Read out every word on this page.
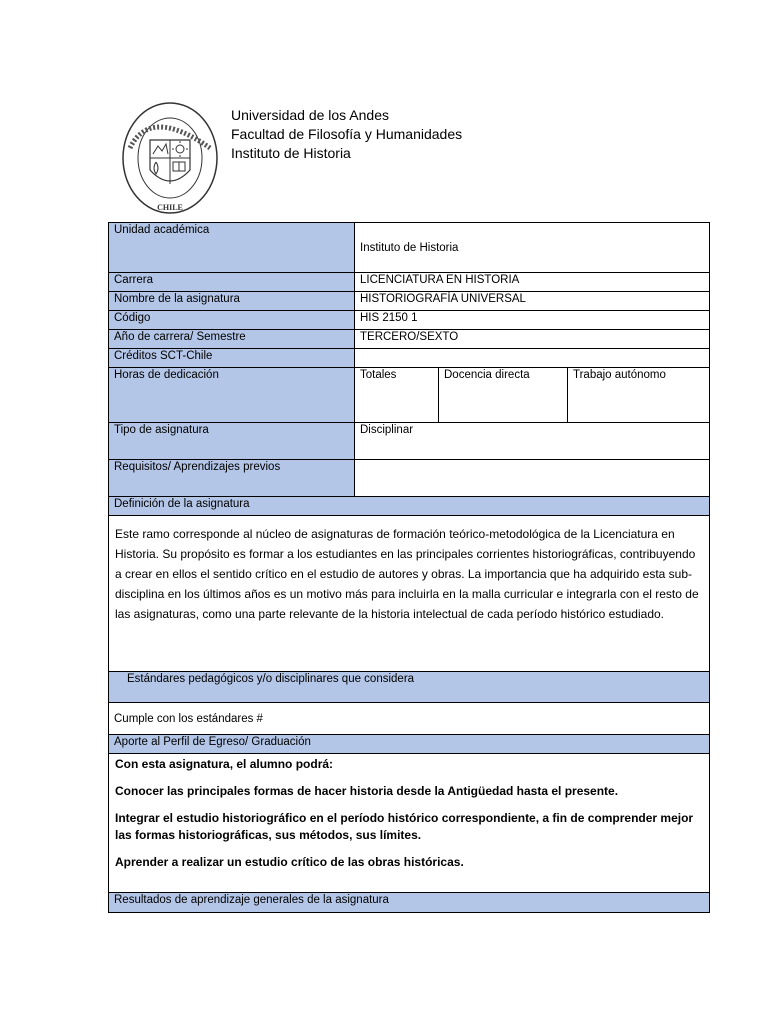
CHILE
Universidad de los Andes
Facultad de Filosofía y Humanidades
Instituto de Historia
Unidad académica	Instituto de Historia		
Carrera	LICENCIATURA EN HISTORIA		
Nombre de la asignatura	HISTORIOGRAFÍA UNIVERSAL		
Código	HIS 2150 1		
Año de carrera/ Semestre	TERCERO/SEXTO		
Créditos SCT-Chile			
Horas de dedicación	Totales	Docencia directa	Trabajo autónomo
Tipo de asignatura	Disciplinar		
Requisitos/ Aprendizajes previos			
Definición de la asignatura			
Este ramo corresponde al núcleo de asignaturas de formación teórico-metodológica de la Licenciatura en Historia. Su propósito es formar a los estudiantes en las principales corrientes historiográficas, contribuyendo a crear en ellos el sentido crítico en el estudio de autores y obras. La importancia que ha adquirido esta sub-disciplina en los últimos años es un motivo más para incluirla en la malla curricular e integrarla con el resto de las asignaturas, como una parte relevante de la historia intelectual de cada período histórico estudiado.			
Estándares pedagógicos y/o disciplinares que considera			
Cumple con los estándares #			
Aporte al Perfil de Egreso/ Graduación			

Con esta asignatura, el alumno podrá:

Conocer las principales formas de hacer historia desde la Antigüedad hasta el presente.

Integrar el estudio historiográfico en el período histórico correspondiente, a fin de comprender mejor las formas historiográficas, sus métodos, sus límites.

Aprender a realizar un estudio crítico de las obras históricas.			

Resultados de aprendizaje generales de la asignatura			
